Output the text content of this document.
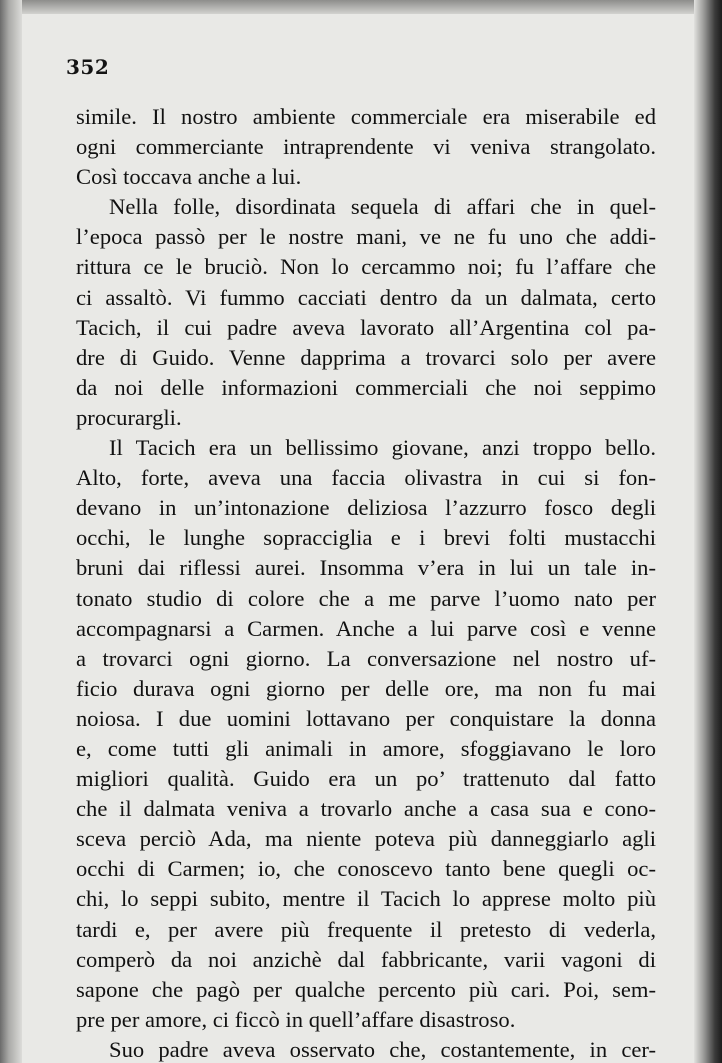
352
simile. Il nostro ambiente commerciale era miserabile ed
ogni commerciante intraprendente vi veniva strangolato.
Così toccava anche a lui.
Nella folle, disordinata sequela di affari che in quel-
l’epoca passò per le nostre mani, ve ne fu uno che addi-
rittura ce le bruciò. Non lo cercammo noi; fu l’affare che
ci assaltò. Vi fummo cacciati dentro da un dalmata, certo
Tacich, il cui padre aveva lavorato all’Argentina col pa-
dre di Guido. Venne dapprima a trovarci solo per avere
da noi delle informazioni commerciali che noi seppimo
procurargli.
Il Tacich era un bellissimo giovane, anzi troppo bello.
Alto, forte, aveva una faccia olivastra in cui si fon-
devano in un’intonazione deliziosa l’azzurro fosco degli
occhi, le lunghe sopracciglia e i brevi folti mustacchi
bruni dai riflessi aurei. Insomma v’era in lui un tale in-
tonato studio di colore che a me parve l’uomo nato per
accompagnarsi a Carmen. Anche a lui parve così e venne
a trovarci ogni giorno. La conversazione nel nostro uf-
ficio durava ogni giorno per delle ore, ma non fu mai
noiosa. I due uomini lottavano per conquistare la donna
e, come tutti gli animali in amore, sfoggiavano le loro
migliori qualità. Guido era un po’ trattenuto dal fatto
che il dalmata veniva a trovarlo anche a casa sua e cono-
sceva perciò Ada, ma niente poteva più danneggiarlo agli
occhi di Carmen; io, che conoscevo tanto bene quegli oc-
chi, lo seppi subito, mentre il Tacich lo apprese molto più
tardi e, per avere più frequente il pretesto di vederla,
comperò da noi anzichè dal fabbricante, varii vagoni di
sapone che pagò per qualche percento più cari. Poi, sem-
pre per amore, ci ficcò in quell’affare disastroso.
Suo padre aveva osservato che, costantemente, in cer-
